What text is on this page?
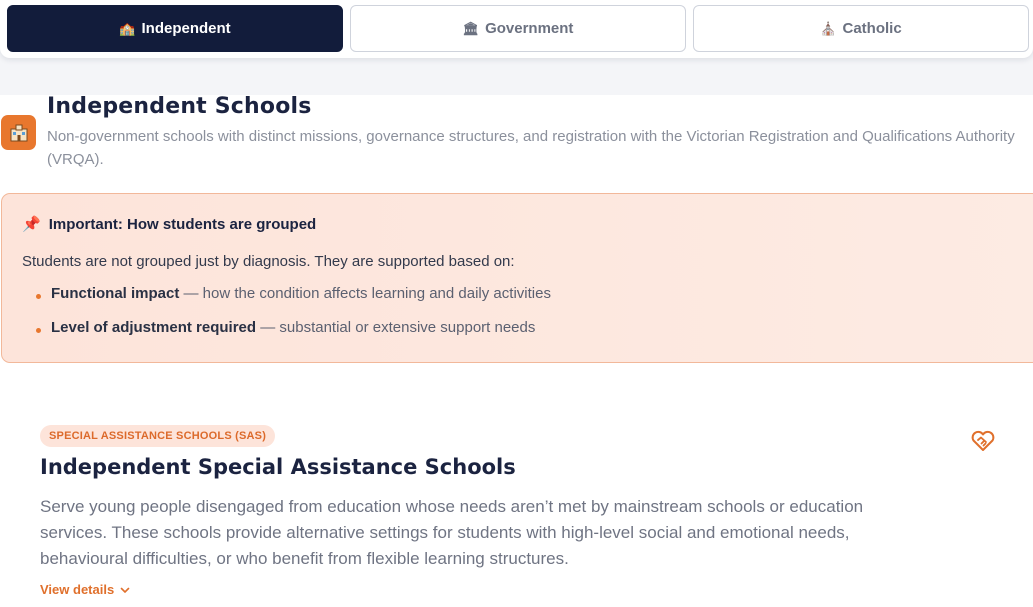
🏫 Independent	🏛 Government	⛪ Catholic
Independent Schools
Non-government schools with distinct missions, governance structures, and registration with the Victorian Registration and Qualifications Authority (VRQA).
📌 Important: How students are grouped
Students are not grouped just by diagnosis. They are supported based on:
Functional impact — how the condition affects learning and daily activities
Level of adjustment required — substantial or extensive support needs
SPECIAL ASSISTANCE SCHOOLS (SAS)
Independent Special Assistance Schools
Serve young people disengaged from education whose needs aren’t met by mainstream schools or education services. These schools provide alternative settings for students with high-level social and emotional needs, behavioural difficulties, or who benefit from flexible learning structures.
View details
